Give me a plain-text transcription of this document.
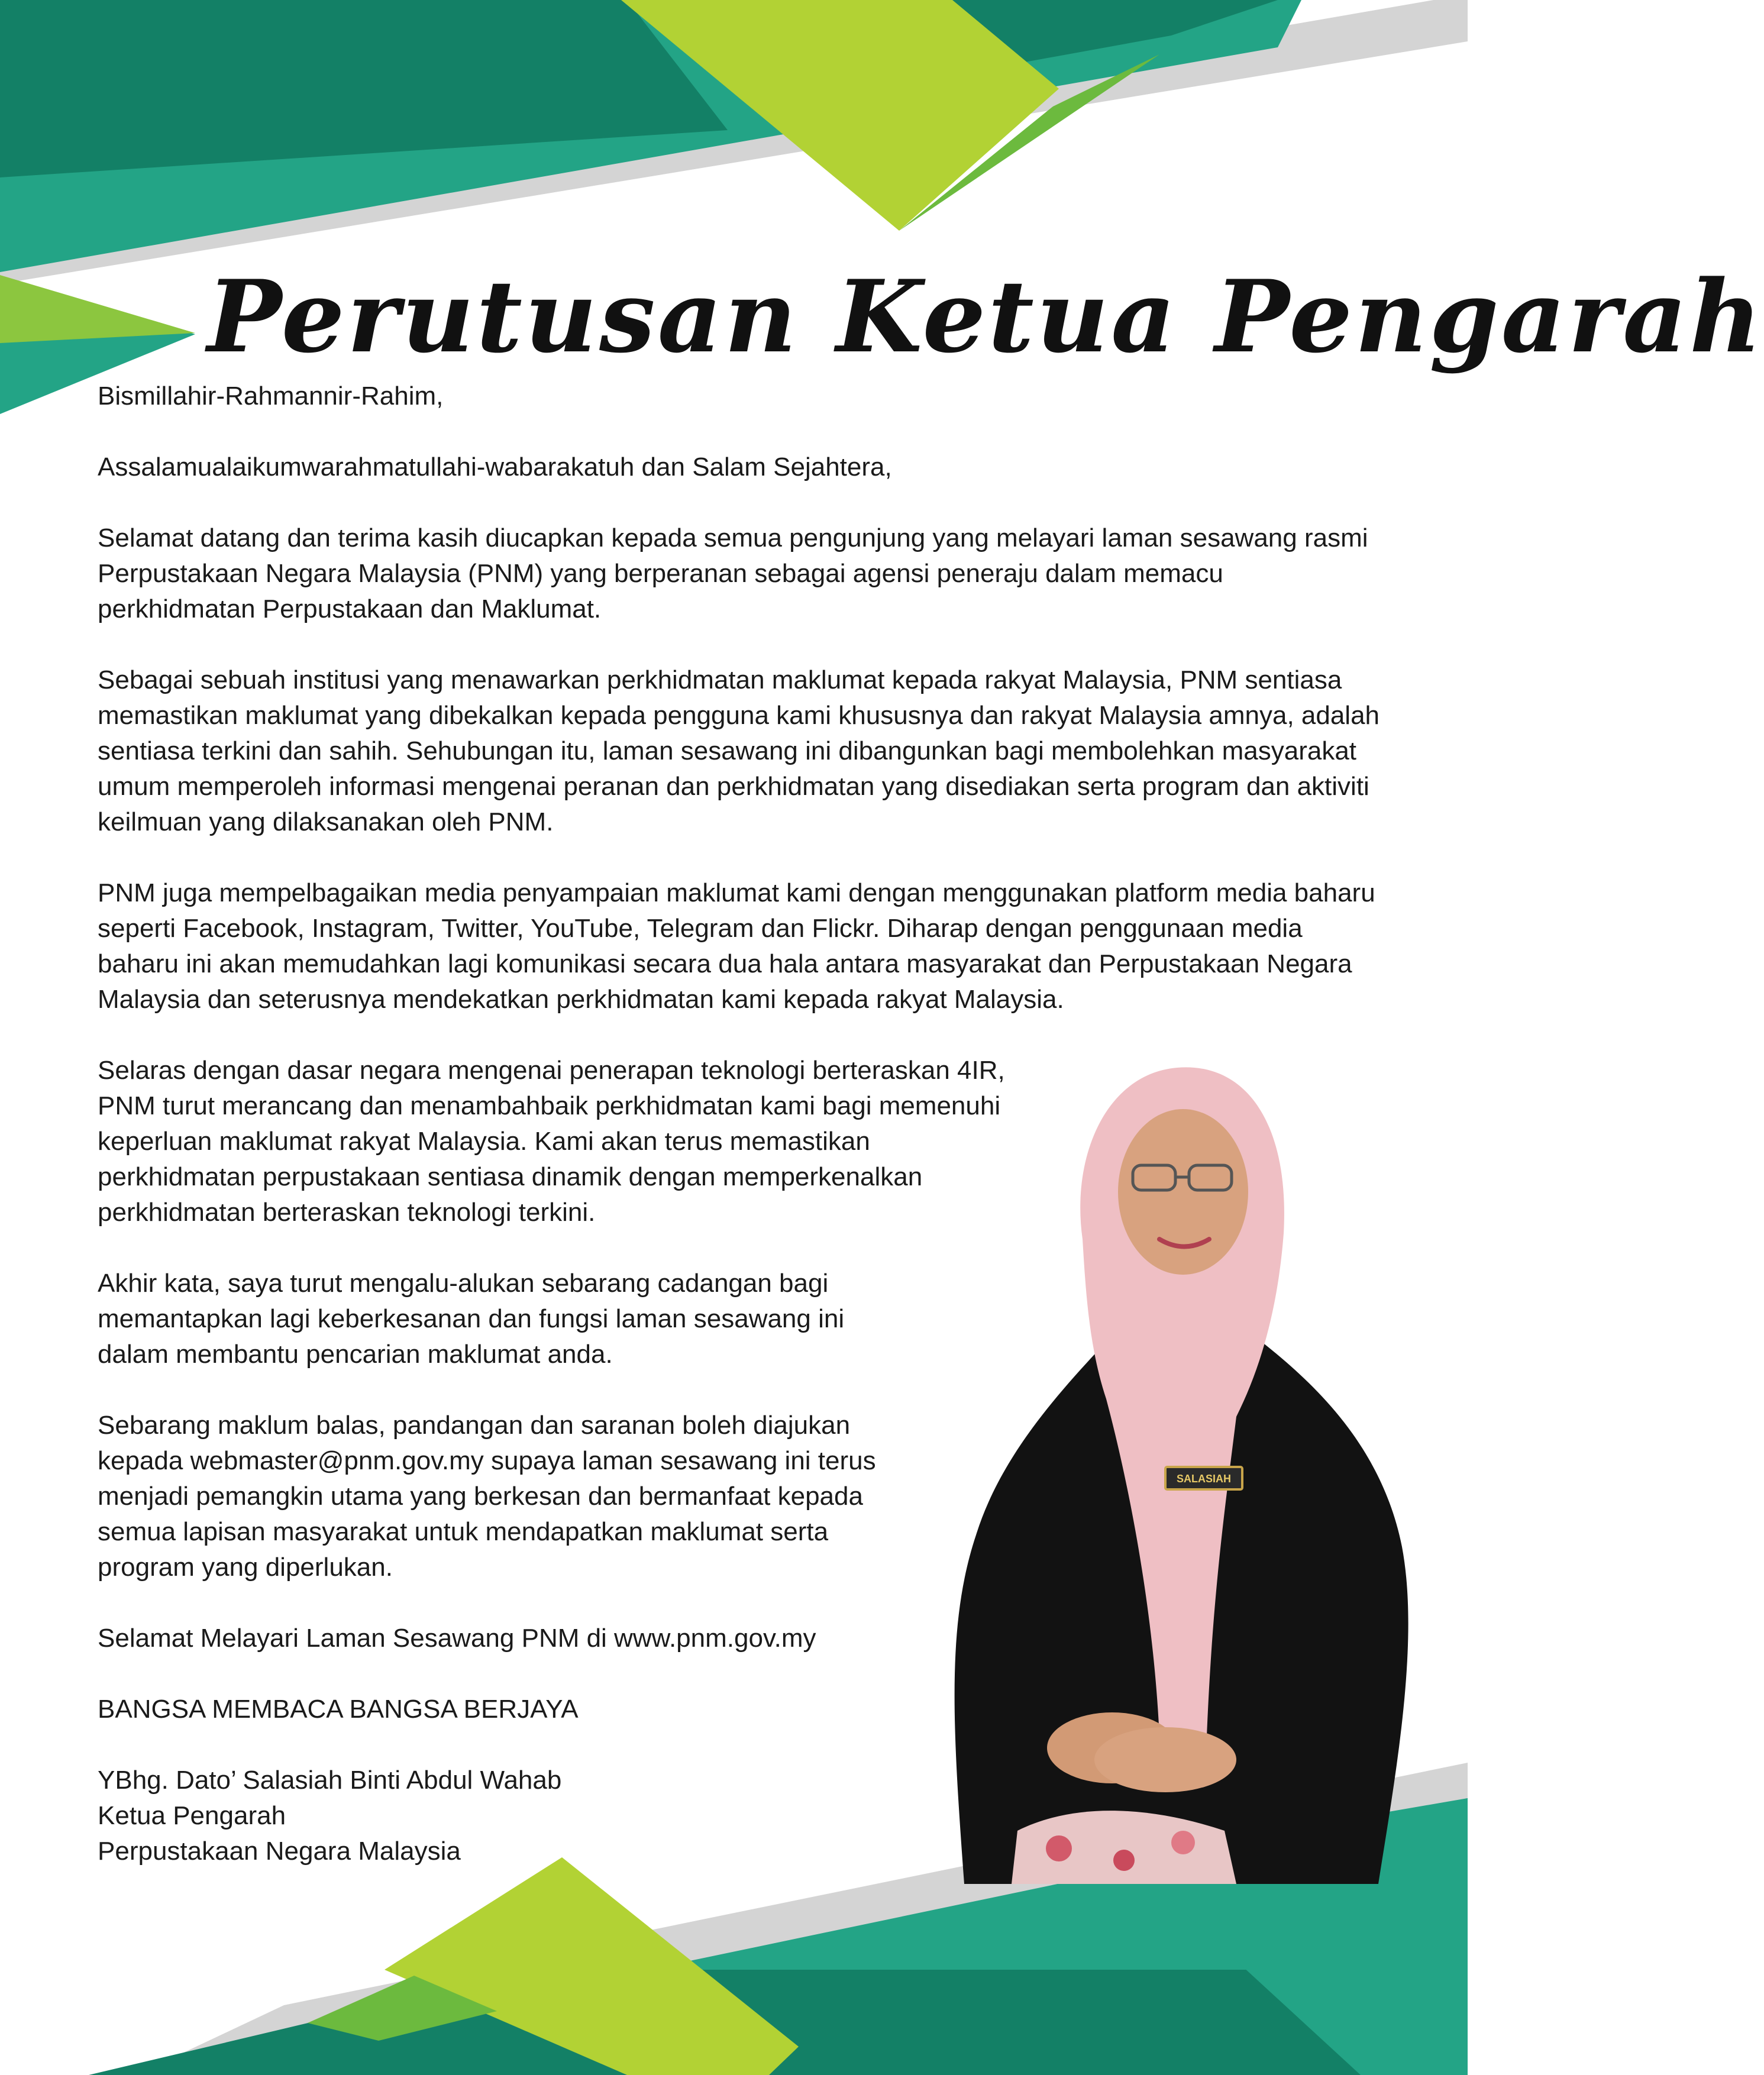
Perutusan Ketua Pengarah

Bismillahir-Rahmannir-Rahim,

Assalamualaikumwarahmatullahi-wabarakatuh dan Salam Sejahtera,

Selamat datang dan terima kasih diucapkan kepada semua pengunjung yang melayari laman sesawang rasmi Perpustakaan Negara Malaysia (PNM) yang berperanan sebagai agensi peneraju dalam memacu perkhidmatan Perpustakaan dan Maklumat.

Sebagai sebuah institusi yang menawarkan perkhidmatan maklumat kepada rakyat Malaysia, PNM sentiasa memastikan maklumat yang dibekalkan kepada pengguna kami khususnya dan rakyat Malaysia amnya, adalah sentiasa terkini dan sahih. Sehubungan itu, laman sesawang ini dibangunkan bagi membolehkan masyarakat umum memperoleh informasi mengenai peranan dan perkhidmatan yang disediakan serta program dan aktiviti keilmuan yang dilaksanakan oleh PNM.

PNM juga mempelbagaikan media penyampaian maklumat kami dengan menggunakan platform media baharu seperti Facebook, Instagram, Twitter, YouTube, Telegram dan Flickr. Diharap dengan penggunaan media baharu ini akan memudahkan lagi komunikasi secara dua hala antara masyarakat dan Perpustakaan Negara Malaysia dan seterusnya mendekatkan perkhidmatan kami kepada rakyat Malaysia.

Selaras dengan dasar negara mengenai penerapan teknologi berteraskan 4IR, PNM turut merancang dan menambahbaik perkhidmatan kami bagi memenuhi keperluan maklumat rakyat Malaysia. Kami akan terus memastikan perkhidmatan perpustakaan sentiasa dinamik dengan memperkenalkan perkhidmatan berteraskan teknologi terkini.

Akhir kata, saya turut mengalu-alukan sebarang cadangan bagi memantapkan lagi keberkesanan dan fungsi laman sesawang ini dalam membantu pencarian maklumat anda.

Sebarang maklum balas, pandangan dan saranan boleh diajukan kepada webmaster@pnm.gov.my supaya laman sesawang ini terus menjadi pemangkin utama yang berkesan dan bermanfaat kepada semua lapisan masyarakat untuk mendapatkan maklumat serta program yang diperlukan.

Selamat Melayari Laman Sesawang PNM di www.pnm.gov.my

BANGSA MEMBACA BANGSA BERJAYA

YBhg. Dato’ Salasiah Binti Abdul Wahab
Ketua Pengarah
Perpustakaan Negara Malaysia
SALASIAH
